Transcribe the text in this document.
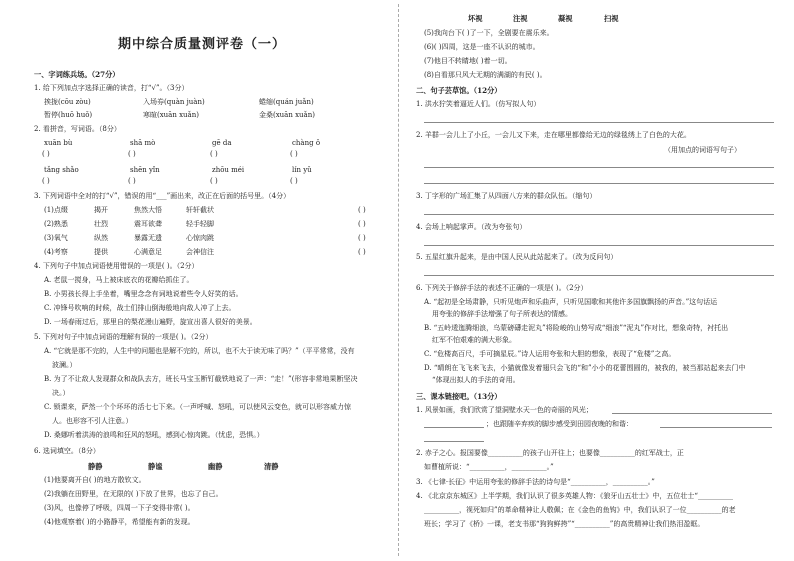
期中综合质量测评卷（一）
一、字词练兵场。（27分）
1. 给下列加点字选择正确的读音，打“√”。（3分）
挨拢(cōu zòu)	入场券(quàn juàn)	蜷缩(quán juǎn)
暂停(huō huǒ)	寒暄(xuān xuǎn)	金桑(xuān xuǎn)
2. 看拼音，写词语。（8分）
xuān bù	shā mò	gē da	chàng ǒ
( )	( )	( )	( )
tǎng shǎo	shēn yǐn	zhōu méi	lín yǔ
( )	( )	( )	( )
3. 下列词语中全对的打“√”，错误的用“___”画出来，改正在后面的括号里。（4分）
(1)点缀	揭开	焦然大悟	轩轩截状	( )
(2)熟悉	壮烈	震耳欲聋	轻手轻脚	( )
(3)氧气	纵然	暴露无遗	心惊肉跳	( )
(4)考察	提供	心满意足	会神信注	( )
4. 下列句子中加点词语使用错误的一项是( )。（2分）
A. 老鼠一搅身，马上被床底衣的花瓣给抓住了。
B. 小男孩长得上手坐着，嘴里念念有词地说着些令人好笑的话。
C. 冲锋号吹响的时候，战士们排山倒海般地向敌人冲了上去。
D. 一场春雨过后，那里自的梨花漫山遍野，旋宣出喜人很好的美景。
5. 下列对句子中加点词语的理解有误的一项是( )。（2分）
A. “它就是那不完的，人生中的问题也是解不完的，所以，也不大于读无味了吗？”（平平常常，没有
波澜。）
B. 为了不让敌人发现群众和战队去方，班长马宝玉断钉截铁地说了一声：“走！”(形容非常地果断坚决
决。）
C. 锁课来，萨然一个个坏坏的活七七下来。（一声呼喊、怒吼，可以使风云变色，就可以形容威力惊
人。也形容不引人注意。）
D. 桑娜听着洪涛的浪鸣和狂风的怒吼，感到心惊肉跳。（忧虑，恐惧。）
6. 选词填空。（8分）
静静	静谧	幽静	清静
(1)他要离开自( )的地方散钦文。
(2)我躺在田野里，在无限的( )下放了世界，也忘了自己。
(3)风，也像停了呼吸，四周一下子变得非常( )。
(4)他观察着( )的小路静平，希望能有新的发现。
坏视	注视	凝视	扫视
(5)我向台下( )了一下，全剧要在震乐来。
(6)( )四周，这是一座不认识的城市。
(7)他目不转睛地( )着一切。
(8)自看那只风大无期的满湖的有民( )。
二、句子芸草馆。（12分）
1. 洪水狞笑着逼近人们。（仿写拟人句）
2. 羊群一会儿上了小丘，一会儿又下来，走在哪里都像给无边的绿毯绣上了白色的大花。
（用加点的词语写句子）
3. 丁字形的广场汇集了从四面八方来的群众队伍。（缩句）
4. 会场上响起掌声。（改为夸张句）
5. 五星红旗升起来，是由中国人民从此站起来了。（改为反问句）
6. 下列关于修辞手法的表述不正确的一项是( )。（2分）
A. “起初是全场肃静，只听见炮声和乐曲声，只听见国歌和其他许多国旗飘扬的声音。”这句话运
用夸张的修辞手法增强了句子所表达的情感。
B. “五岭逶迤腾细浪，乌蒙磅礴走泥丸”将险峻的山势写成“细浪”“泥丸”作对比，想象奇特，衬托出
红军不怕艰难的满大形象。
C. “危楼高百尺，手可摘星辰。”诗人运用夸张和大胆的想象，表现了“危楼”之高。
D. “晴朗在飞飞来飞去，小猫就像发着翅只会飞的“和”小小的花蕾围圆的，被我的，被当那站起来去门中
“体现出拟人的手法的奇用。
三、课本链接吧。（13分）
1. 风景如画，我们欣赏了望洞壁水天一色的奇丽的风光；
；也跟随辛弃疾的脚步感受到田园夜晚的和谐：
2. 赤子之心。报国要像__________的孩子山开往上；也要像__________的红军战士，正
如曹植所说：“__________，__________。”
3. 《七律·长征》中运用夸张的修辞手法的诗句是“__________，__________。”
4. 《北京京东城区》上半学期，我们认识了很多英雄人物：《狼牙山五壮士》中，五位壮士“__________
__________，视死如归”的革命精神让人敬佩；在《金色的鱼钩》中，我们认识了一位__________的老
班长；学习了《桥》一课，老支书那“狗狗鲜挎”“__________”的高贵精神让我们热泪盈眶。
